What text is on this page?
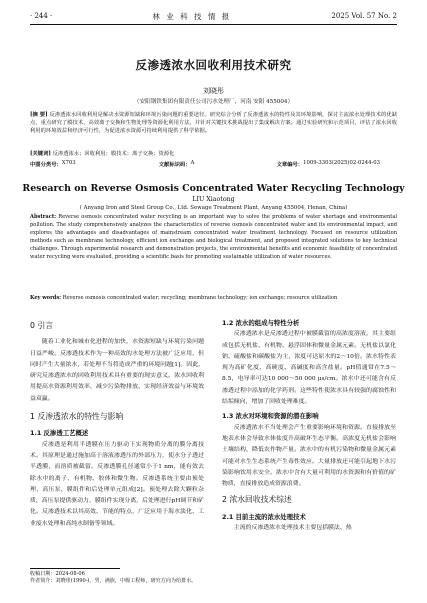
· 244 ·	林 业 科 技 情 报	2025 Vol. 57 No. 2
反渗透浓水回收利用技术研究
刘晓彤
（安阳钢铁集团有限责任公司污水处理厂，河南 安阳 455004）
[摘 要] 反渗透浓水回收利用是解决水资源短缺和环境污染问题的重要途径。研究综合分析了反渗透浓水的特性及其环境影响，探讨主流浓水处理技术的优缺点，重点研究了膜技术、高效离子交换和生物处理等资源化利用方法，并针对关键技术挑战提出了集成解决方案。通过实验研究和示范项目，评估了浓水回收利用的环境效益和经济可行性，为促进浓水资源可持续利用提供了科学依据。
[关键词] 反渗透浓水；回收利用；膜技术；离子交换；资源化
中图分类号： X703	文献标识码： A	文章编号： 1009-3303(2025)02-0244-03
Research on Reverse Osmosis Concentrated Water Recycling Technology
LIU Xiaotong
( Anyang Iron and Steel Group Co., Ltd. Sewage Treatment Plant, Anyang 455004, Henan, China)
Abstract: Reverse osmosis concentrated water recycling is an important way to solve the problems of water shortage and environmental pollution. The study comprehensively analyzes the characteristics of reverse osmosis concentrated water and its environmental impact, and explores the advantages and disadvantages of mainstream concentrated water treatment technology. Focused on resource utilization methods such as membrane technology, efficient ion exchange and biological treatment, and proposed integrated solutions to key technical challenges. Through experimental research and demonstration projects, the environmental benefits and economic feasibility of concentrated water recycling were evaluated, providing a scientific basis for promoting sustainable utilization of water resources.
Key words: Reverse osmosis concentrated water; recycling; membrane technology; ion exchange; resource utilization
0 引言

随着工业化和城市化进程的加快，水资源短缺与环境污染问题日益严峻。反渗透技术作为一种高效的水处理方法被广泛应用，但同时产生大量浓水，若处理不当将造成严重的环境问题[1]。因此，研究反渗透浓水的回收利用技术具有重要的现实意义。浓水回收利用提高水资源利用效率，减少污染物排放，实现经济效益与环境效益双赢。

1 反渗透浓水的特性与影响
1.1 反渗透工艺概述

反渗透是利用半透膜在压力驱动下实现物质分离的膜分离技术。其原理是通过施加高于溶液渗透压的外部压力，使水分子透过半透膜，而溶质被截留。反渗透膜孔径通常小于1 nm，能有效去除水中的离子、有机物、胶体和微生物。反渗透系统主要由预处理、高压泵、膜组件和后处理单元组成[2]。预处理去除大颗粒杂质，高压泵提供驱动力，膜组件实现分离，后处理进行pH调节和矿化。反渗透技术以其高效、节能的特点，广泛应用于海水淡化、工业废水处理和高纯水制备等领域。

1.2 浓水的组成与特性分析

反渗透浓水是反渗透过程中被膜截留的高浓度溶液，其主要组成包括无机盐、有机物、悬浮固体和微量金属元素。无机盐以氯化钠、硫酸盐和碳酸盐为主，浓度可达原水的2～10倍。浓水特性表现为高矿化度、高硬度、高碱度和高含盐量。pH值通常在7.5～8.5，电导率可达10 000～50 000 μs/cm。浓水中还可能含有反渗透过程中添加的化学药剂。这些特性使浓水具有较强的腐蚀性和结垢倾向，增加了回收处理难度。

1.3 浓水对环境和资源的潜在影响

反渗透浓水不当处理会产生重要影响环境和资源。直接排放至地表水体会导致水体盐度升高破坏生态平衡。高浓度无机盐会影响土壤结构，降低农作物产量。浓水中的有机污染物和微量金属元素可能对水生生态系统产生毒性效应。大量排放还可能引起地下水污染影响饮用水安全。浓水中含有大量可利用的水资源和有价值的矿物质，直接排放造成资源浪费。

2 浓水回收技术综述
2.1 目前主流的浓水处理技术

主流的反渗透浓水处理技术主要包括膜法、热

收稿日期：2024-08-06
作者简介：刘晓彤(1990-)，男，满族，中级工程师，研究方向为给排水。
